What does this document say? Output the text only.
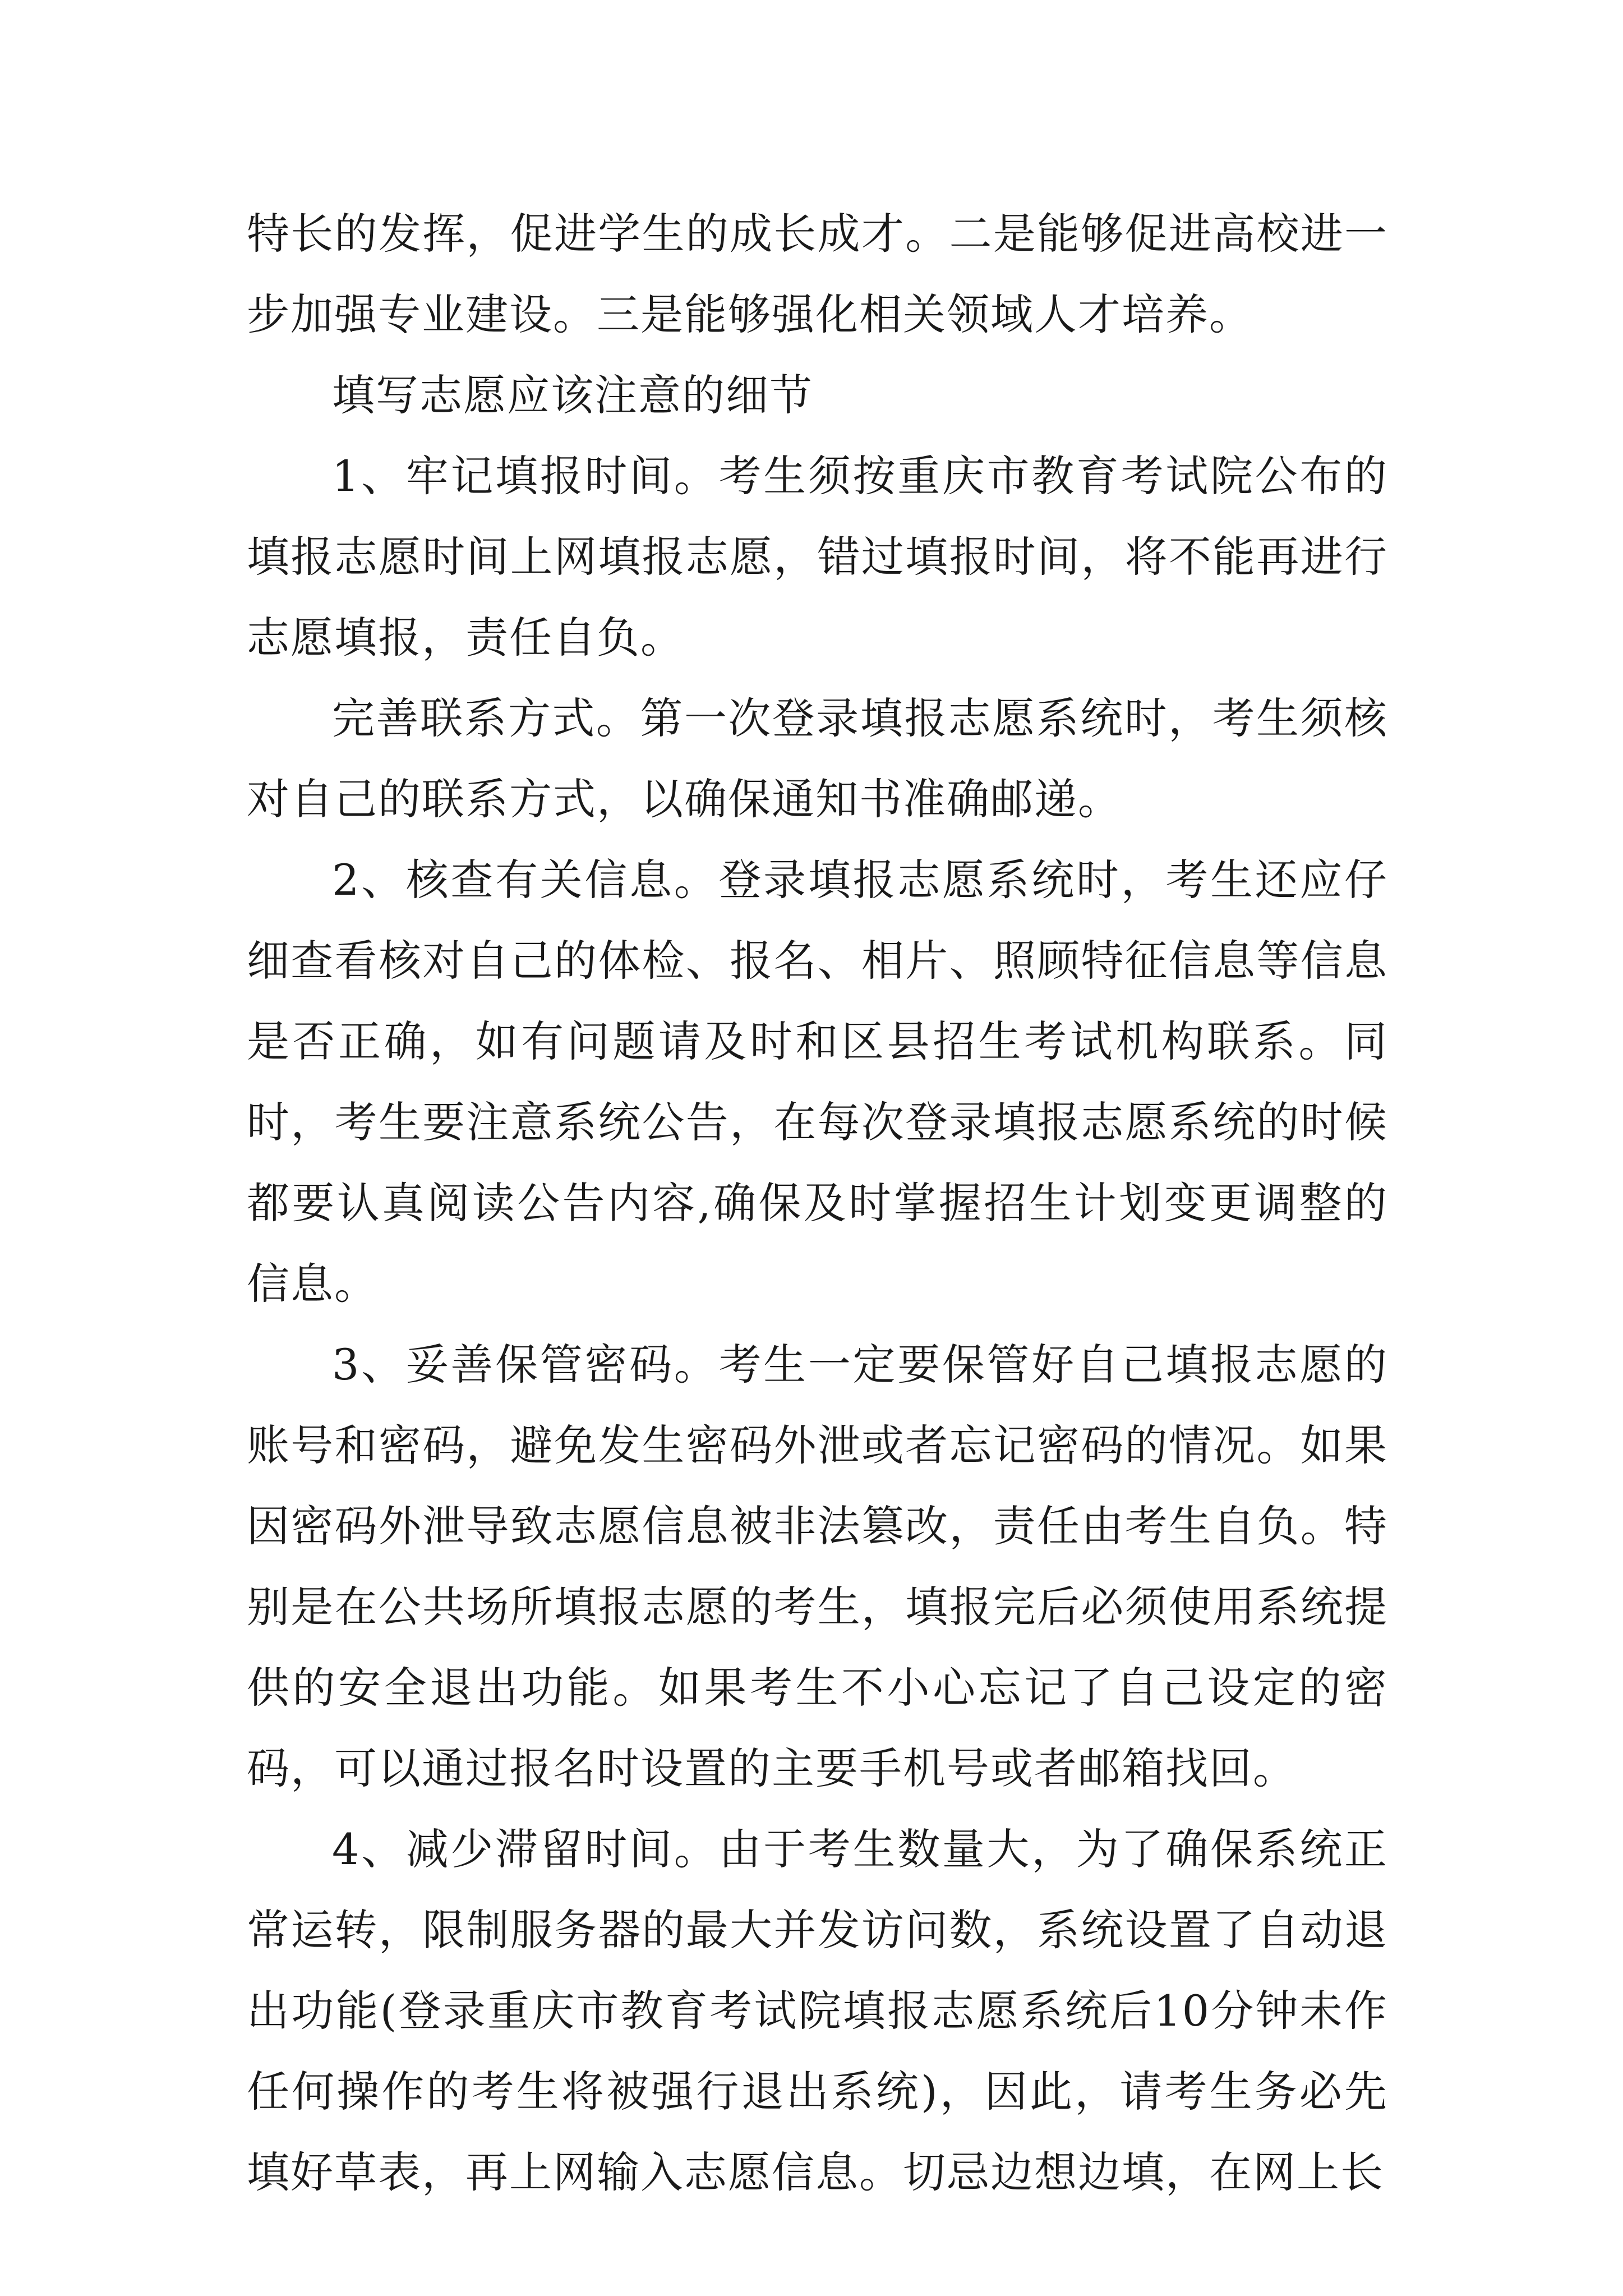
特长的发挥，促进学生的成长成才。二是能够促进高校进一步加强专业建设。三是能够强化相关领域人才培养。

填写志愿应该注意的细节

1、牢记填报时间。考生须按重庆市教育考试院公布的填报志愿时间上网填报志愿，错过填报时间，将不能再进行志愿填报，责任自负。

完善联系方式。第一次登录填报志愿系统时，考生须核对自己的联系方式，以确保通知书准确邮递。

2、核查有关信息。登录填报志愿系统时，考生还应仔细查看核对自己的体检、报名、相片、照顾特征信息等信息是否正确，如有问题请及时和区县招生考试机构联系。同时，考生要注意系统公告，在每次登录填报志愿系统的时候都要认真阅读公告内容,确保及时掌握招生计划变更调整的信息。

3、妥善保管密码。考生一定要保管好自己填报志愿的账号和密码，避免发生密码外泄或者忘记密码的情况。如果因密码外泄导致志愿信息被非法篡改，责任由考生自负。特别是在公共场所填报志愿的考生，填报完后必须使用系统提供的安全退出功能。如果考生不小心忘记了自己设定的密码，可以通过报名时设置的主要手机号或者邮箱找回。

4、减少滞留时间。由于考生数量大，为了确保系统正常运转，限制服务器的最大并发访问数，系统设置了自动退出功能(登录重庆市教育考试院填报志愿系统后10分钟未作任何操作的考生将被强行退出系统)，因此，请考生务必先填好草表，再上网输入志愿信息。切忌边想边填，在网上长
